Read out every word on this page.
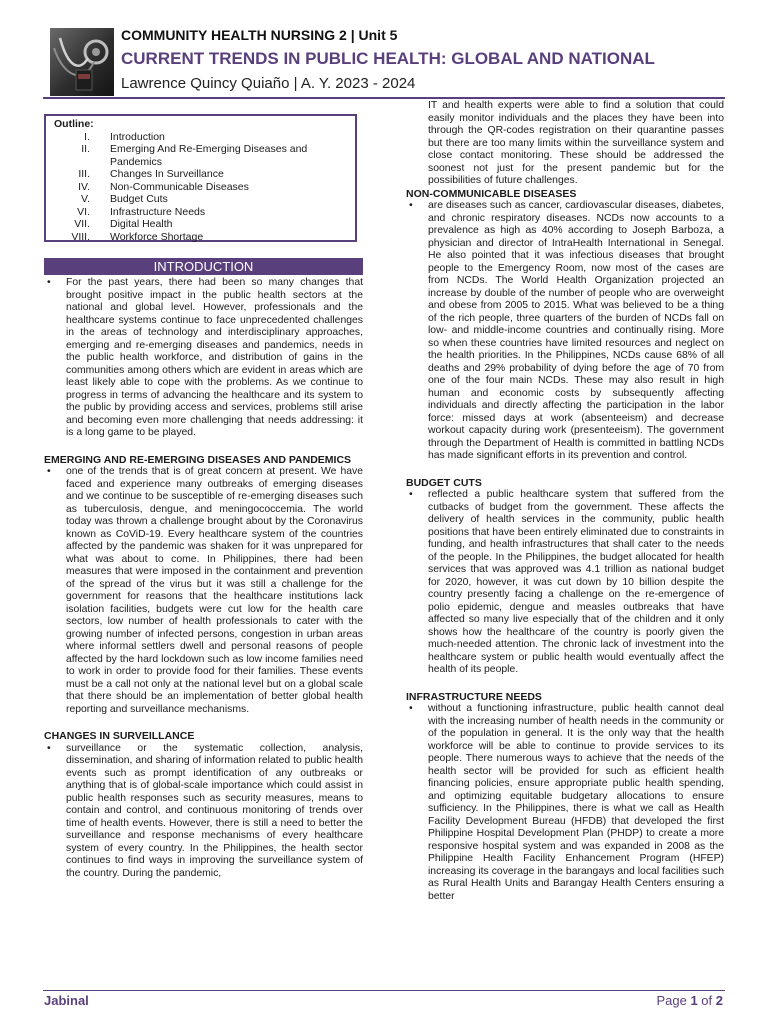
COMMUNITY HEALTH NURSING 2 | Unit 5
CURRENT TRENDS IN PUBLIC HEALTH: GLOBAL AND NATIONAL
Lawrence Quincy Quiaño | A. Y. 2023 - 2024
Outline:
I.	Introduction
II.	Emerging And Re-Emerging Diseases and Pandemics
III.	Changes In Surveillance
IV.	Non-Communicable Diseases
V.	Budget Cuts
VI.	Infrastructure Needs
VII.	Digital Health
VIII.	Workforce Shortage
INTRODUCTION
• For the past years, there had been so many changes that brought positive impact in the public health sectors at the national and global level. However, professionals and the healthcare systems continue to face unprecedented challenges in the areas of technology and interdisciplinary approaches, emerging and re-emerging diseases and pandemics, needs in the public health workforce, and distribution of gains in the communities among others which are evident in areas which are least likely able to cope with the problems. As we continue to progress in terms of advancing the healthcare and its system to the public by providing access and services, problems still arise and becoming even more challenging that needs addressing: it is a long game to be played.
EMERGING AND RE-EMERGING DISEASES AND PANDEMICS
• one of the trends that is of great concern at present. We have faced and experience many outbreaks of emerging diseases and we continue to be susceptible of re-emerging diseases such as tuberculosis, dengue, and meningococcemia. The world today was thrown a challenge brought about by the Coronavirus known as CoViD-19. Every healthcare system of the countries affected by the pandemic was shaken for it was unprepared for what was about to come. In Philippines, there had been measures that were imposed in the containment and prevention of the spread of the virus but it was still a challenge for the government for reasons that the healthcare institutions lack isolation facilities, budgets were cut low for the health care sectors, low number of health professionals to cater with the growing number of infected persons, congestion in urban areas where informal settlers dwell and personal reasons of people affected by the hard lockdown such as low income families need to work in order to provide food for their families. These events must be a call not only at the national level but on a global scale that there should be an implementation of better global health reporting and surveillance mechanisms.
CHANGES IN SURVEILLANCE
• surveillance or the systematic collection, analysis, dissemination, and sharing of information related to public health events such as prompt identification of any outbreaks or anything that is of global-scale importance which could assist in public health responses such as security measures, means to contain and control, and continuous monitoring of trends over time of health events. However, there is still a need to better the surveillance and response mechanisms of every healthcare system of every country. In the Philippines, the health sector continues to find ways in improving the surveillance system of the country. During the pandemic,
IT and health experts were able to find a solution that could easily monitor individuals and the places they have been into through the QR-codes registration on their quarantine passes but there are too many limits within the surveillance system and close contact monitoring. These should be addressed the soonest not just for the present pandemic but for the possibilities of future challenges.
NON-COMMUNICABLE DISEASES
• are diseases such as cancer, cardiovascular diseases, diabetes, and chronic respiratory diseases. NCDs now accounts to a prevalence as high as 40% according to Joseph Barboza, a physician and director of IntraHealth International in Senegal. He also pointed that it was infectious diseases that brought people to the Emergency Room, now most of the cases are from NCDs. The World Health Organization projected an increase by double of the number of people who are overweight and obese from 2005 to 2015. What was believed to be a thing of the rich people, three quarters of the burden of NCDs fall on low- and middle-income countries and continually rising. More so when these countries have limited resources and neglect on the health priorities. In the Philippines, NCDs cause 68% of all deaths and 29% probability of dying before the age of 70 from one of the four main NCDs. These may also result in high human and economic costs by subsequently affecting individuals and directly affecting the participation in the labor force: missed days at work (absenteeism) and decrease workout capacity during work (presenteeism). The government through the Department of Health is committed in battling NCDs has made significant efforts in its prevention and control.
BUDGET CUTS
• reflected a public healthcare system that suffered from the cutbacks of budget from the government. These affects the delivery of health services in the community, public health positions that have been entirely eliminated due to constraints in funding, and health infrastructures that shall cater to the needs of the people. In the Philippines, the budget allocated for health services that was approved was 4.1 trillion as national budget for 2020, however, it was cut down by 10 billion despite the country presently facing a challenge on the re-emergence of polio epidemic, dengue and measles outbreaks that have affected so many live especially that of the children and it only shows how the healthcare of the country is poorly given the much-needed attention. The chronic lack of investment into the healthcare system or public health would eventually affect the health of its people.
INFRASTRUCTURE NEEDS
• without a functioning infrastructure, public health cannot deal with the increasing number of health needs in the community or of the population in general. It is the only way that the health workforce will be able to continue to provide services to its people. There numerous ways to achieve that the needs of the health sector will be provided for such as efficient health financing policies, ensure appropriate public health spending, and optimizing equitable budgetary allocations to ensure sufficiency. In the Philippines, there is what we call as Health Facility Development Bureau (HFDB) that developed the first Philippine Hospital Development Plan (PHDP) to create a more responsive hospital system and was expanded in 2008 as the Philippine Health Facility Enhancement Program (HFEP) increasing its coverage in the barangays and local facilities such as Rural Health Units and Barangay Health Centers ensuring a better
Jabinal	Page 1 of 2
